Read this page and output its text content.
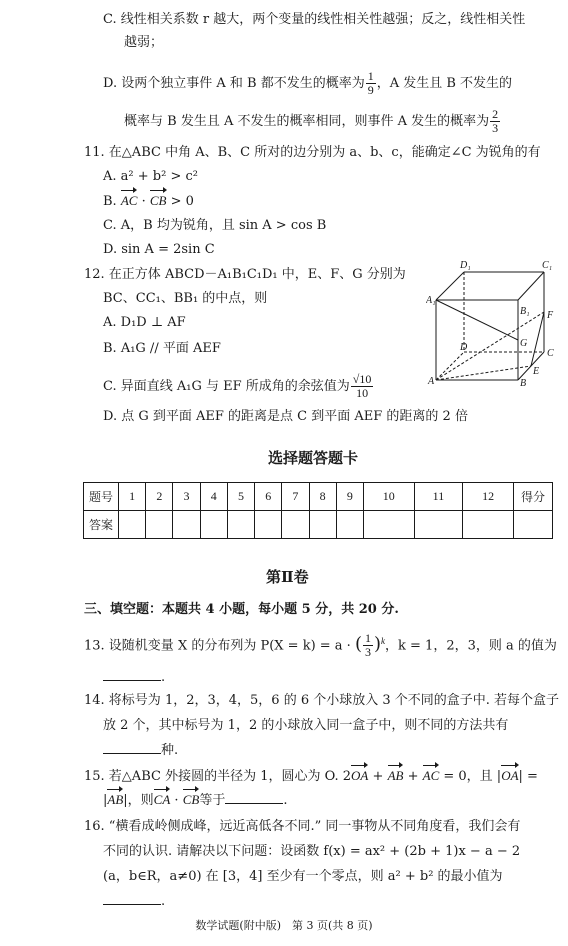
C. 线性相关系数 r 越大，两个变量的线性相关性越强；反之，线性相关性
越弱；
D. 设两个独立事件 A 和 B 都不发生的概率为 $\frac{1}{9}$ ，A 发生且 B 不发生的
概率与 B 发生且 A 不发生的概率相同，则事件 A 发生的概率为 $\frac{2}{3}$
11. 在△ABC 中角 A、B、C 所对的边分别为 a、b、c，能确定∠C 为锐角的有
A. a² + b² > c²
B. AC · CB > 0
C. A，B 均为锐角，且 sin A > cos B
D. sin A = 2sin C
12. 在正方体 ABCD－A₁B₁C₁D₁ 中，E、F、G 分别为
BC、CC₁、BB₁ 的中点，则
A. D₁D ⊥ AF
B. A₁G // 平面 AEF
C. 异面直线 A₁G 与 EF 所成角的余弦值为 $\frac{√10}{10}$
D. 点 G 到平面 AEF 的距离是点 C 到平面 AEF 的距离的 2 倍
D₁	C₁
A₁
B₁ F
G
D
C
E
A	B
选择题答题卡
题号	1	2	3	4	5	6	7	8	9	10	11	12	得分
答案													
第Ⅱ卷
三、填空题：本题共 4 小题，每小题 5 分，共 20 分.
13. 设随机变量 X 的分布列为 P(X = k) = a · ( $\frac{1}{3} )^k$，k = 1，2，3，则 a 的值为
.
14. 将标号为 1，2，3，4，5，6 的 6 个小球放入 3 个不同的盒子中. 若每个盒子
放 2 个，其中标号为 1，2 的小球放入同一盒子中，则不同的方法共有
种.
15. 若△ABC 外接圆的半径为 1，圆心为 O. 2OA + AB + AC = 0，且 |OA| =
|AB|，则CA · CB等于	.
16. “横看成岭侧成峰，远近高低各不同.” 同一事物从不同角度看，我们会有
不同的认识. 请解决以下问题：设函数 f(x) = ax² + (2b + 1)x − a − 2
(a，b∈R，a≠0) 在 [3，4] 至少有一个零点，则 a² + b² 的最小值为
.
数学试题(附中版)　第 3 页(共 8 页)
